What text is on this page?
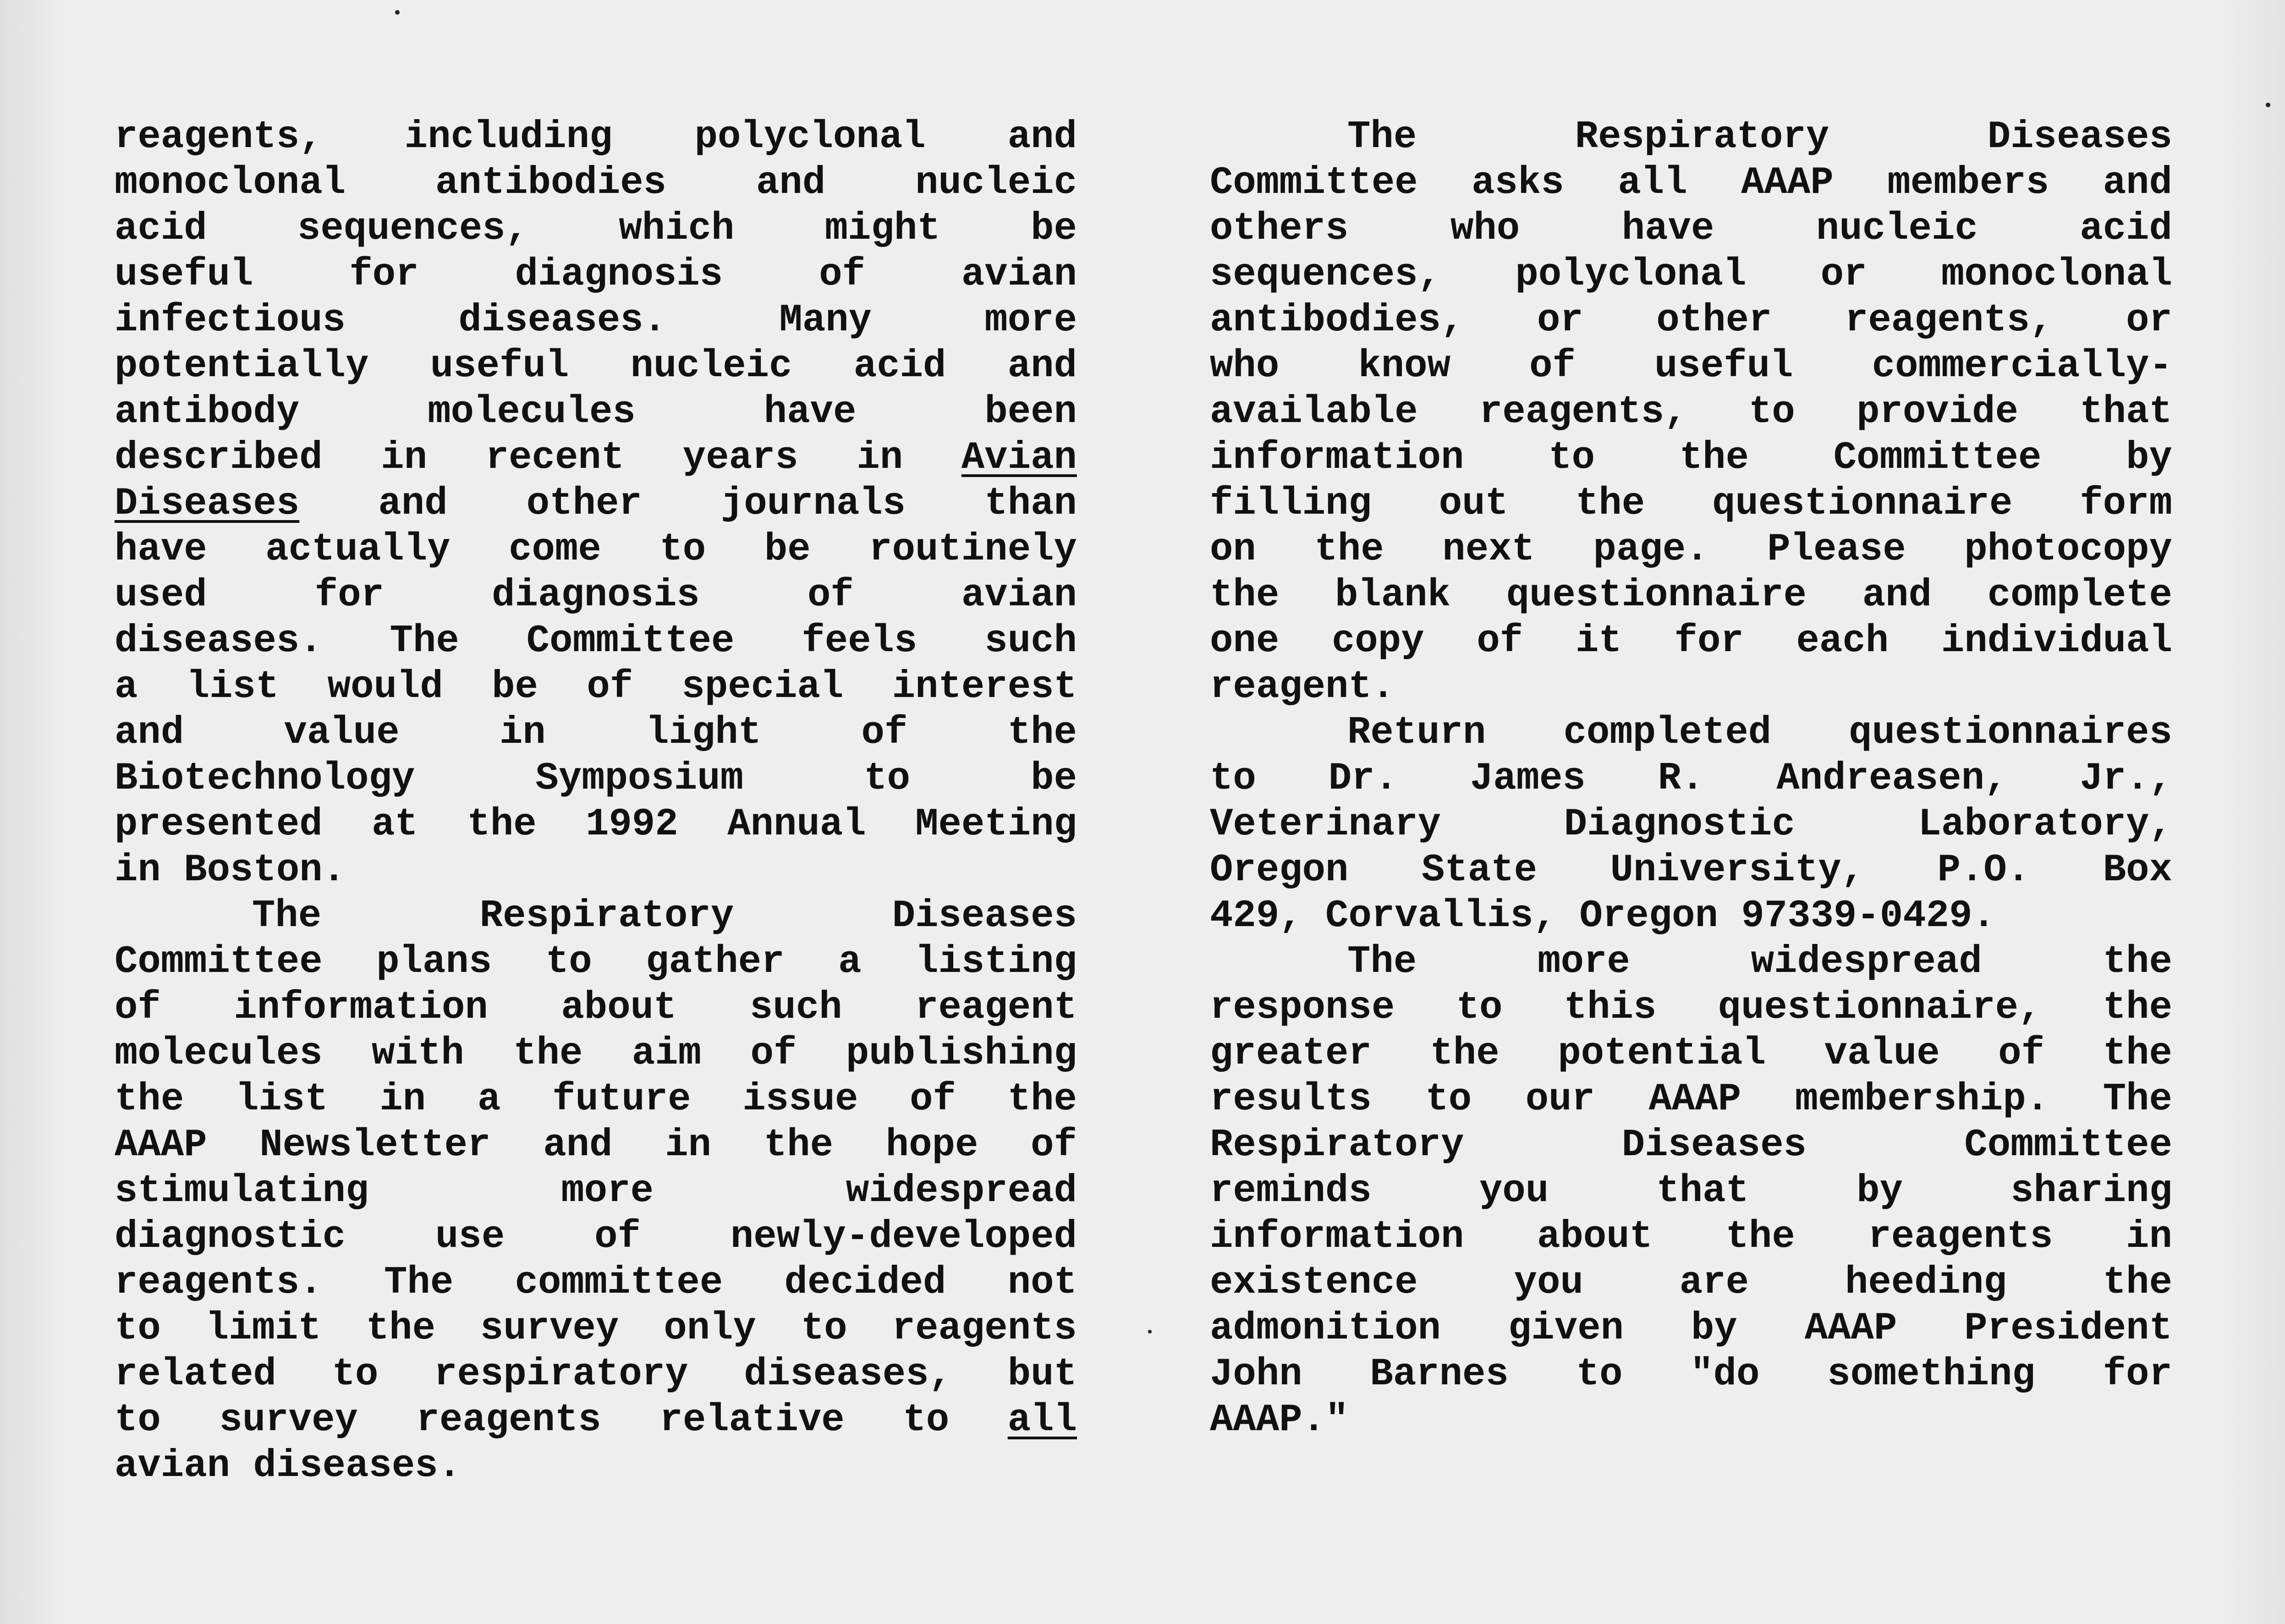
reagents, including polyclonal and
monoclonal antibodies and nucleic
acid sequences, which might be
useful for diagnosis of avian
infectious	diseases.	Many	more
potentially useful nucleic acid and
antibody	molecules	have	been
described in recent years in Avian
Diseases and other journals than
have actually come to be routinely
used	for	diagnosis	of	avian
diseases. The Committee feels such
a list would be of special interest
and	value	in	light	of	the
Biotechnology	Symposium	to	be
presented at the 1992 Annual Meeting
in Boston.
The	Respiratory	Diseases
Committee plans to gather a listing
of information about such reagent
molecules with the aim of publishing
the list in a future issue of the
AAAP Newsletter and in the hope of
stimulating	more	widespread
diagnostic use of newly-developed
reagents. The committee decided not
to limit the survey only to reagents
related to respiratory diseases, but
to survey reagents relative to all
avian diseases.
The	Respiratory	Diseases
Committee asks all AAAP members and
others	who	have	nucleic	acid
sequences, polyclonal or monoclonal
antibodies, or other reagents, or
who know of useful commercially-
available reagents, to provide that
information to the Committee by
filling out the questionnaire form
on the next page. Please photocopy
the blank questionnaire and complete
one copy of it for each individual
reagent.
Return completed questionnaires
to Dr. James R. Andreasen, Jr.,
Veterinary	Diagnostic	Laboratory,
Oregon State University, P.O. Box
429, Corvallis, Oregon 97339-0429.
The	more	widespread	the
response to this questionnaire, the
greater the potential value of the
results to our AAAP membership. The
Respiratory	Diseases	Committee
reminds	you	that	by	sharing
information about the reagents in
existence you are heeding the
admonition given by AAAP President
John Barnes to "do something for
AAAP."
